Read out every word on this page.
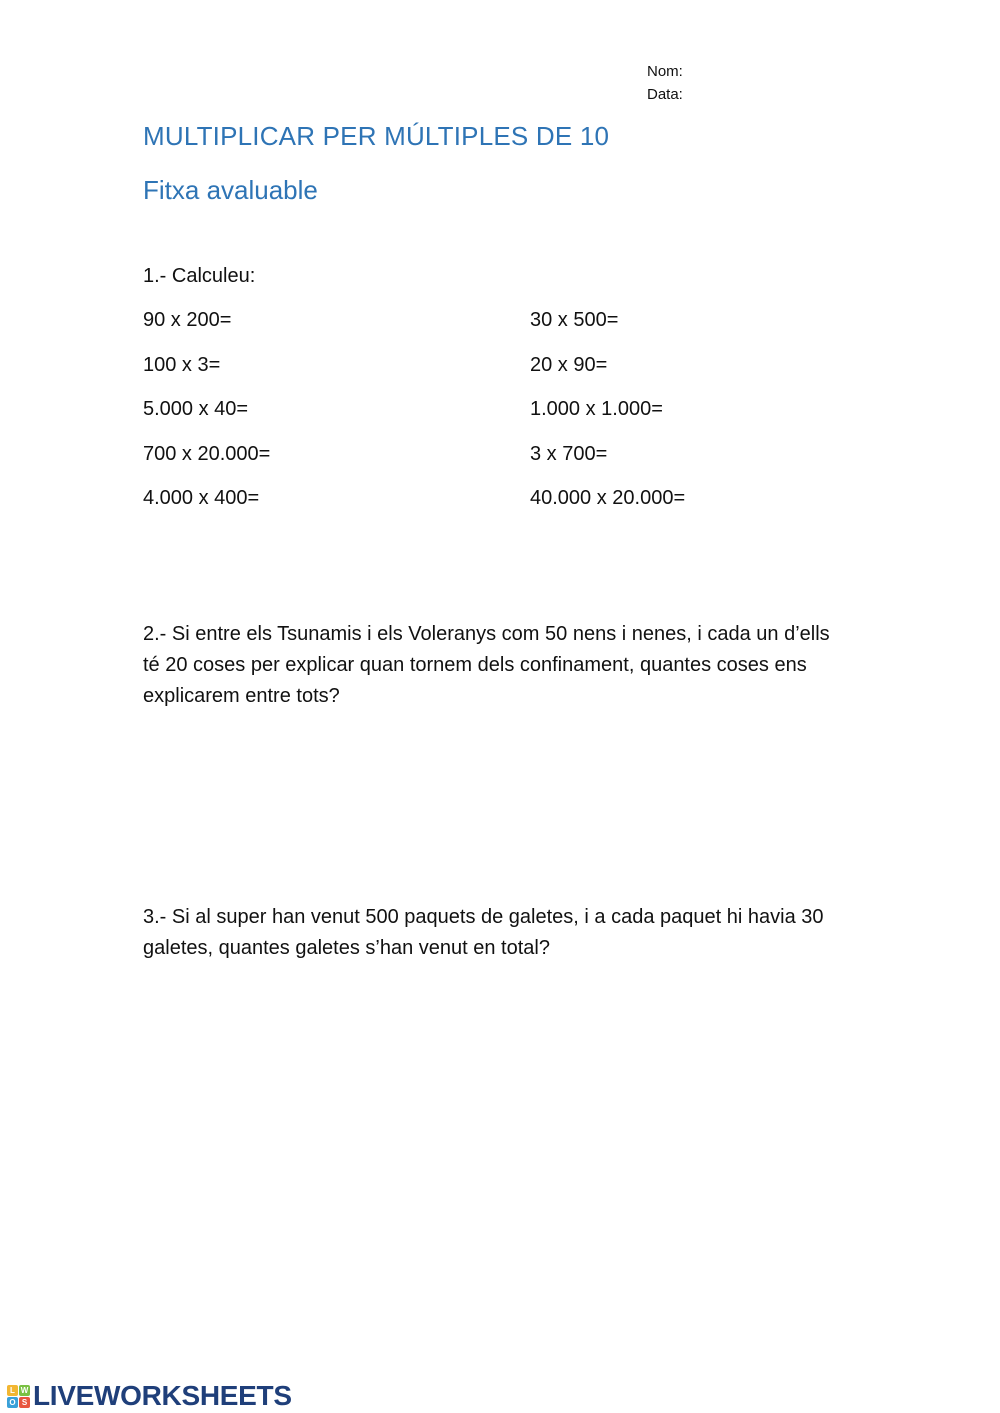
Nom:
Data:
MULTIPLICAR PER MÚLTIPLES DE 10
Fitxa avaluable
1.- Calculeu:
90 x 200=	30 x 500=
100 x 3=	20 x 90=
5.000 x 40=	1.000 x 1.000=
700 x 20.000=	3 x 700=
4.000 x 400=	40.000 x 20.000=
2.- Si entre els Tsunamis i els Voleranys com 50 nens i nenes, i cada un d’ells té 20 coses per explicar quan tornem dels confinament, quantes coses ens explicarem entre tots?
3.- Si al super han venut 500 paquets de galetes, i a cada paquet hi havia 30 galetes, quantes galetes s’han venut en total?
L W
O S LIVEWORKSHEETS
